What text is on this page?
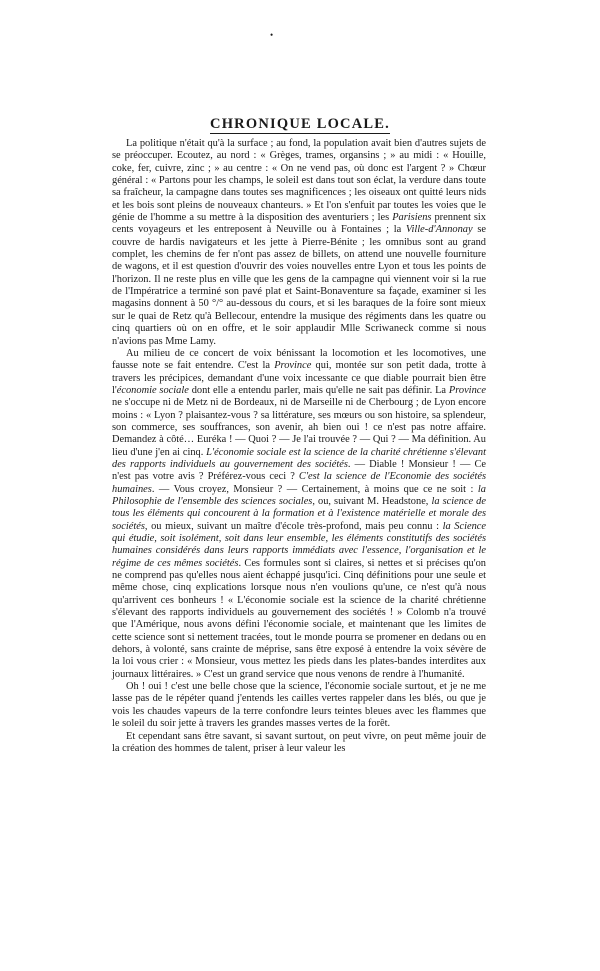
•
CHRONIQUE LOCALE.

La politique n'était qu'à la surface ; au fond, la population avait bien d'autres sujets de se préoccuper. Ecoutez, au nord : « Grèges, trames, organsins ; » au midi : « Houille, coke, fer, cuivre, zinc ; » au centre : « On ne vend pas, où donc est l'argent ? » Chœur général : « Partons pour les champs, le soleil est dans tout son éclat, la verdure dans toute sa fraîcheur, la campagne dans toutes ses magnificences ; les oiseaux ont quitté leurs nids et les bois sont pleins de nouveaux chanteurs. » Et l'on s'enfuit par toutes les voies que le génie de l'homme a su mettre à la disposition des aventuriers ; les Parisiens prennent six cents voyageurs et les entreposent à Neuville ou à Fontaines ; la Ville-d'Annonay se couvre de hardis navigateurs et les jette à Pierre-Bénite ; les omnibus sont au grand complet, les chemins de fer n'ont pas assez de billets, on attend une nouvelle fourniture de wagons, et il est question d'ouvrir des voies nouvelles entre Lyon et tous les points de l'horizon. Il ne reste plus en ville que les gens de la campagne qui viennent voir si la rue de l'Impératrice a terminé son pavé plat et Saint-Bonaventure sa façade, examiner si les magasins donnent à 50 °/° au-dessous du cours, et si les baraques de la foire sont mieux sur le quai de Retz qu'à Bellecour, entendre la musique des régiments dans les quatre ou cinq quartiers où on en offre, et le soir applaudir Mlle Scriwaneck comme si nous n'avions pas Mme Lamy.

Au milieu de ce concert de voix bénissant la locomotion et les locomotives, une fausse note se fait entendre. C'est la Province qui, montée sur son petit dada, trotte à travers les précipices, demandant d'une voix incessante ce que diable pourrait bien être l'économie sociale dont elle a entendu parler, mais qu'elle ne sait pas définir. La Province ne s'occupe ni de Metz ni de Bordeaux, ni de Marseille ni de Cherbourg ; de Lyon encore moins : « Lyon ? plaisantez-vous ? sa littérature, ses mœurs ou son histoire, sa splendeur, son commerce, ses souffrances, son avenir, ah bien oui ! ce n'est pas notre affaire. Demandez à côté… Euréka ! — Quoi ? — Je l'ai trouvée ? — Qui ? — Ma définition. Au lieu d'une j'en ai cinq. L'économie sociale est la science de la charité chrétienne s'élevant des rapports individuels au gouvernement des sociétés. — Diable ! Monsieur ! — Ce n'est pas votre avis ? Préférez-vous ceci ? C'est la science de l'Economie des sociétés humaines. — Vous croyez, Monsieur ? — Certainement, à moins que ce ne soit : la Philosophie de l'ensemble des sciences sociales, ou, suivant M. Headstone, la science de tous les éléments qui concourent à la formation et à l'existence matérielle et morale des sociétés, ou mieux, suivant un maître d'école très-profond, mais peu connu : la Science qui étudie, soit isolément, soit dans leur ensemble, les éléments constitutifs des sociétés humaines considérés dans leurs rapports immédiats avec l'essence, l'organisation et le régime de ces mêmes sociétés. Ces formules sont si claires, si nettes et si précises qu'on ne comprend pas qu'elles nous aient échappé jusqu'ici. Cinq définitions pour une seule et même chose, cinq explications lorsque nous n'en voulions qu'une, ce n'est qu'à nous qu'arrivent ces bonheurs ! « L'économie sociale est la science de la charité chrétienne s'élevant des rapports individuels au gouvernement des sociétés ! » Colomb n'a trouvé que l'Amérique, nous avons défini l'économie sociale, et maintenant que les limites de cette science sont si nettement tracées, tout le monde pourra se promener en dedans ou en dehors, à volonté, sans crainte de méprise, sans être exposé à entendre la voix sévère de la loi vous crier : « Monsieur, vous mettez les pieds dans les plates-bandes interdites aux journaux littéraires. » C'est un grand service que nous venons de rendre à l'humanité.

Oh ! oui ! c'est une belle chose que la science, l'économie sociale surtout, et je ne me lasse pas de le répéter quand j'entends les cailles vertes rappeler dans les blés, ou que je vois les chaudes vapeurs de la terre confondre leurs teintes bleues avec les flammes que le soleil du soir jette à travers les grandes masses vertes de la forêt.

Et cependant sans être savant, si savant surtout, on peut vivre, on peut même jouir de la création des hommes de talent, priser à leur valeur les
